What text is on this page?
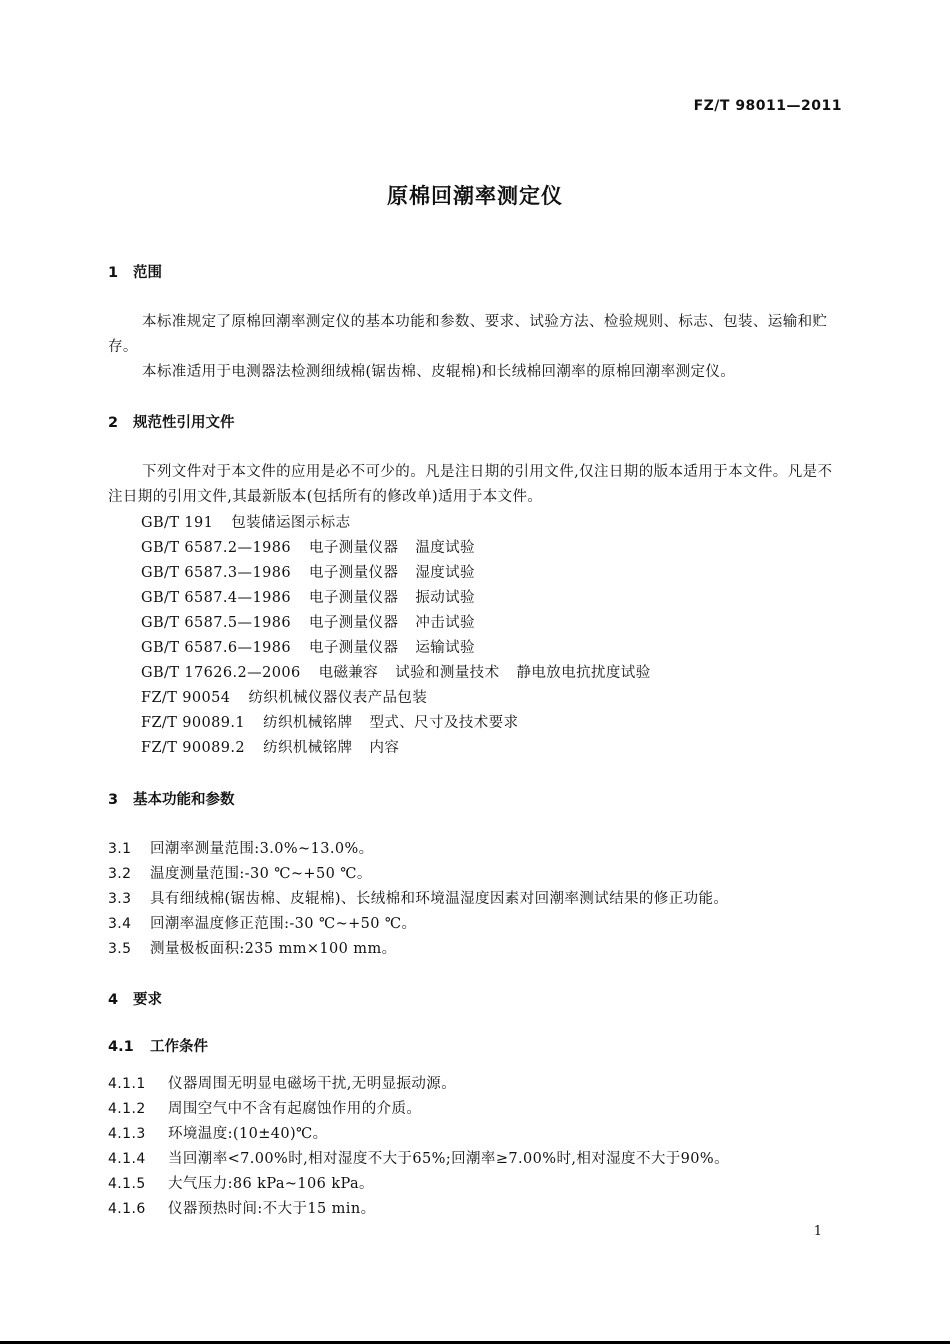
FZ/T 98011—2011
原棉回潮率测定仪
1 范围
本标准规定了原棉回潮率测定仪的基本功能和参数、要求、试验方法、检验规则、标志、包装、运输和贮存。
本标准适用于电测器法检测细绒棉(锯齿棉、皮辊棉)和长绒棉回潮率的原棉回潮率测定仪。
2 规范性引用文件
下列文件对于本文件的应用是必不可少的。凡是注日期的引用文件,仅注日期的版本适用于本文件。凡是不注日期的引用文件,其最新版本(包括所有的修改单)适用于本文件。
GB/T 191 包装储运图示标志
GB/T 6587.2—1986 电子测量仪器 温度试验
GB/T 6587.3—1986 电子测量仪器 湿度试验
GB/T 6587.4—1986 电子测量仪器 振动试验
GB/T 6587.5—1986 电子测量仪器 冲击试验
GB/T 6587.6—1986 电子测量仪器 运输试验
GB/T 17626.2—2006 电磁兼容 试验和测量技术 静电放电抗扰度试验
FZ/T 90054 纺织机械仪器仪表产品包装
FZ/T 90089.1 纺织机械铭牌 型式、尺寸及技术要求
FZ/T 90089.2 纺织机械铭牌 内容
3 基本功能和参数
3.1 回潮率测量范围:3.0%~13.0%。
3.2 温度测量范围:-30 ℃~+50 ℃。
3.3 具有细绒棉(锯齿棉、皮辊棉)、长绒棉和环境温湿度因素对回潮率测试结果的修正功能。
3.4 回潮率温度修正范围:-30 ℃~+50 ℃。
3.5 测量极板面积:235 mm×100 mm。
4 要求
4.1 工作条件
4.1.1 仪器周围无明显电磁场干扰,无明显振动源。
4.1.2 周围空气中不含有起腐蚀作用的介质。
4.1.3 环境温度:(10±40)℃。
4.1.4 当回潮率<7.00%时,相对湿度不大于65%;回潮率≥7.00%时,相对湿度不大于90%。
4.1.5 大气压力:86 kPa~106 kPa。
4.1.6 仪器预热时间:不大于15 min。
1
